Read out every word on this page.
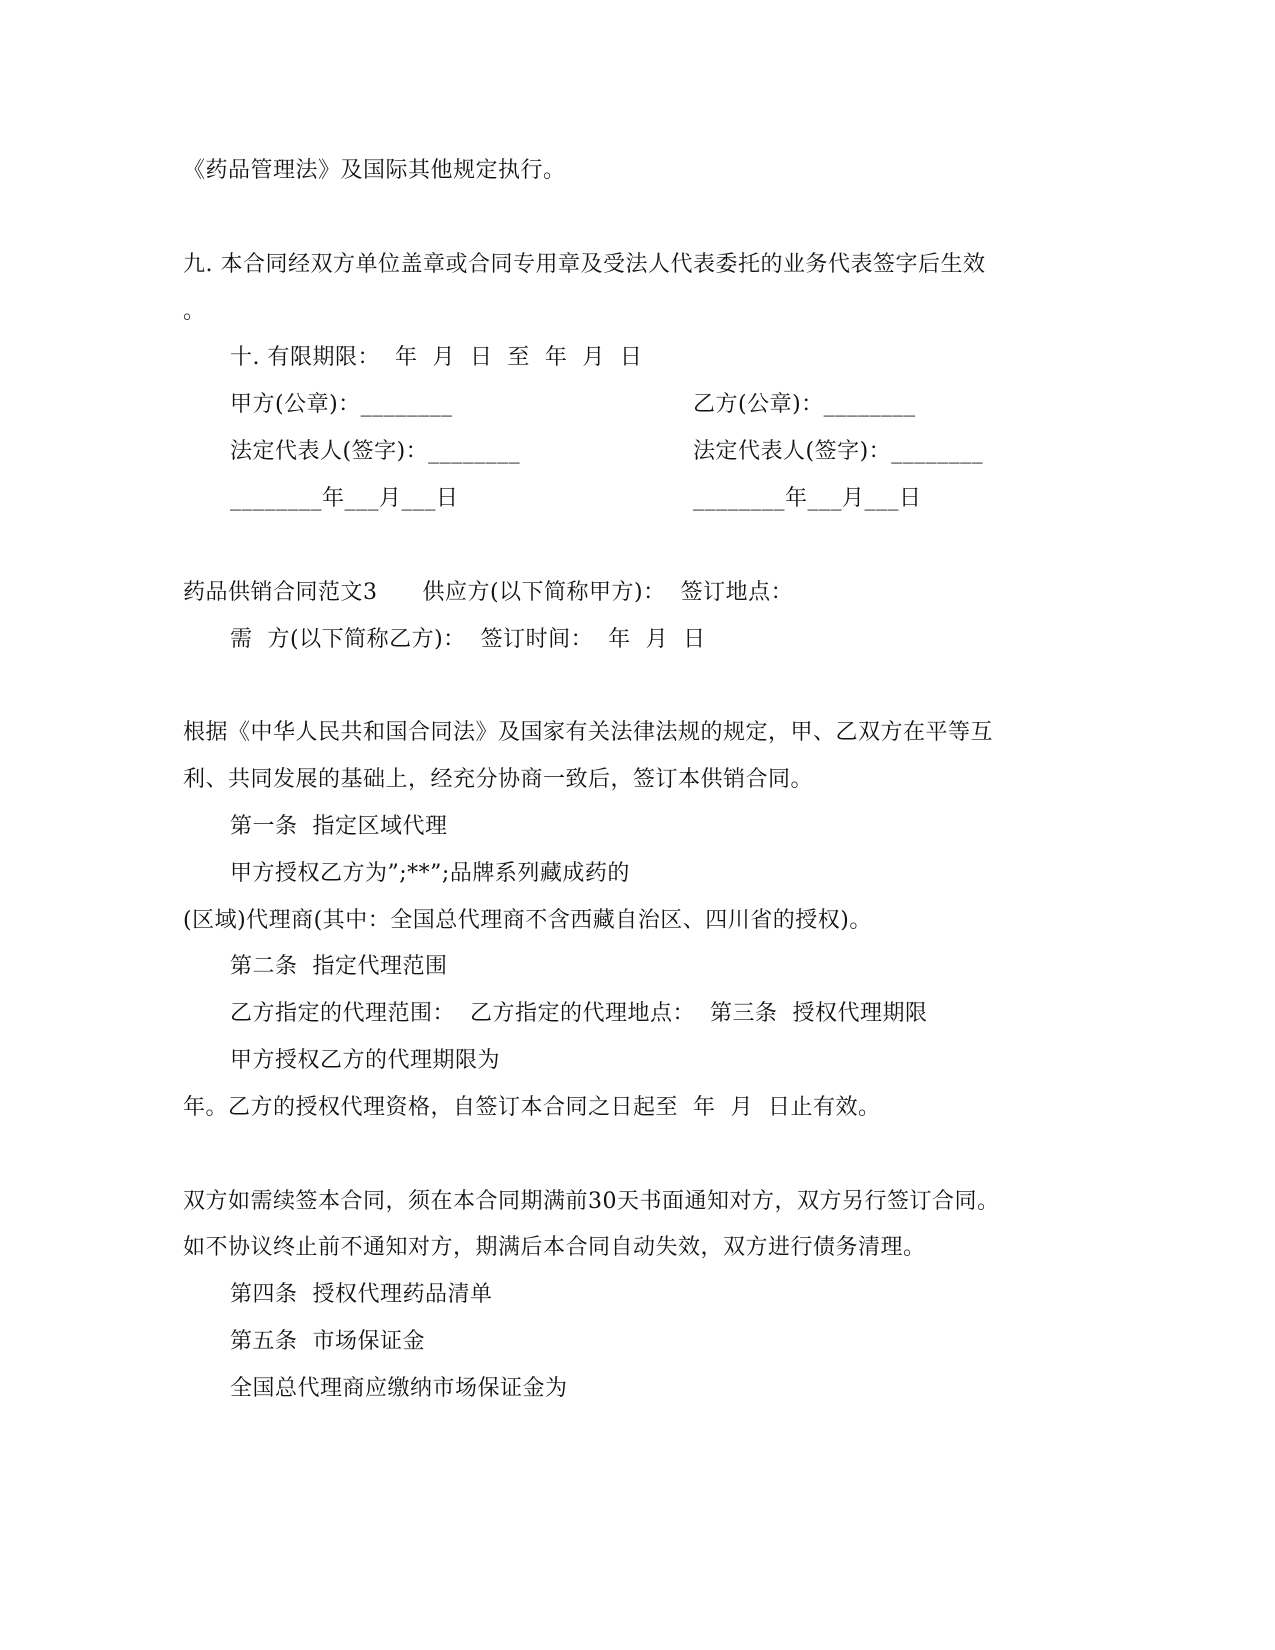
《药品管理法》及国际其他规定执行。
九. 本合同经双方单位盖章或合同专用章及受法人代表委托的业务代表签字后生效
。
十. 有限期限：  年  月  日  至  年  月  日
甲方(公章)：________	乙方(公章)：________
法定代表人(签字)：________	法定代表人(签字)：________
________年___月___日	________年___月___日
药品供销合同范文3      供应方(以下简称甲方)：  签订地点：
需  方(以下简称乙方)：  签订时间：  年  月  日
根据《中华人民共和国合同法》及国家有关法律法规的规定，甲、乙双方在平等互
利、共同发展的基础上，经充分协商一致后，签订本供销合同。
第一条  指定区域代理
甲方授权乙方为”;**”;品牌系列藏成药的
(区域)代理商(其中：全国总代理商不含西藏自治区、四川省的授权)。
第二条  指定代理范围
乙方指定的代理范围：  乙方指定的代理地点：  第三条  授权代理期限
甲方授权乙方的代理期限为
年。乙方的授权代理资格，自签订本合同之日起至  年  月  日止有效。
双方如需续签本合同，须在本合同期满前30天书面通知对方，双方另行签订合同。
如不协议终止前不通知对方，期满后本合同自动失效，双方进行债务清理。
第四条  授权代理药品清单
第五条  市场保证金
全国总代理商应缴纳市场保证金为
